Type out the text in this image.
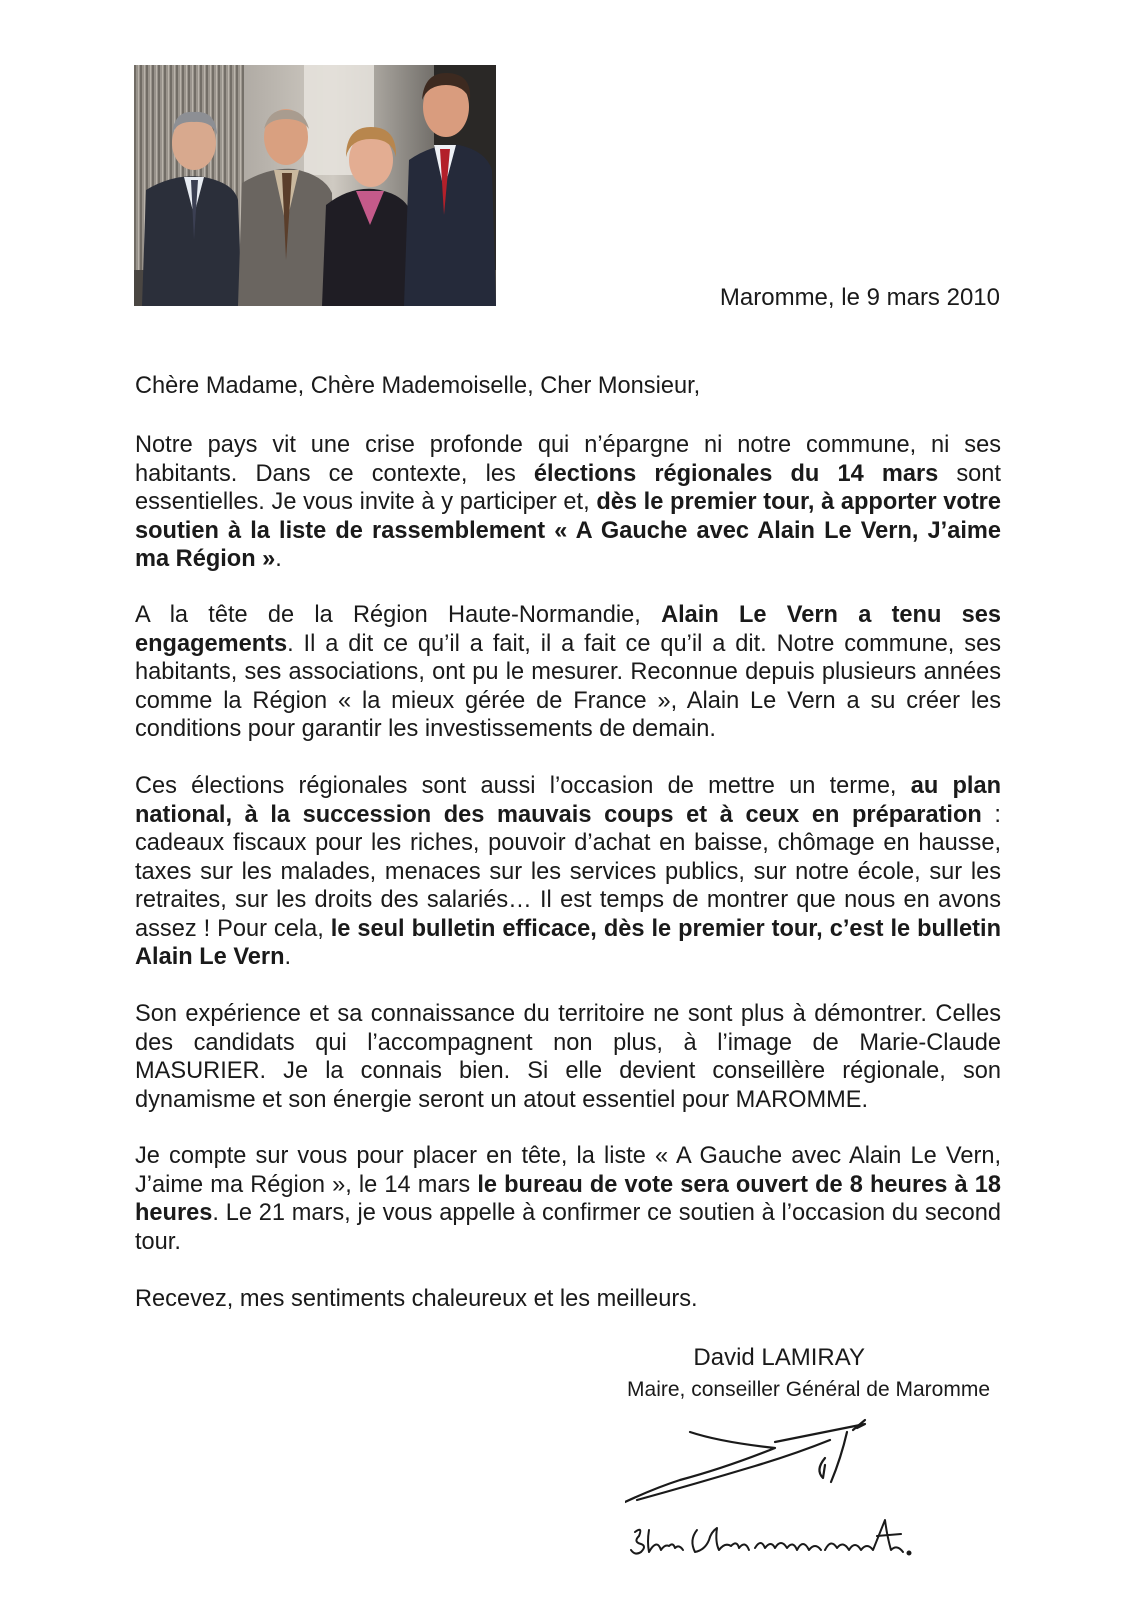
Maromme, le 9 mars 2010
Chère Madame, Chère Mademoiselle, Cher Monsieur,

Notre pays vit une crise profonde qui n’épargne ni notre commune, ni ses habitants. Dans ce contexte, les élections régionales du 14 mars sont essentielles. Je vous invite à y participer et, dès le premier tour, à apporter votre soutien à la liste de rassemblement « A Gauche avec Alain Le Vern, J’aime ma Région ».

A la tête de la Région Haute-Normandie, Alain Le Vern a tenu ses engagements. Il a dit ce qu’il a fait, il a fait ce qu’il a dit. Notre commune, ses habitants, ses associations, ont pu le mesurer. Reconnue depuis plusieurs années comme la Région « la mieux gérée de France », Alain Le Vern a su créer les conditions pour garantir les investissements de demain.

Ces élections régionales sont aussi l’occasion de mettre un terme, au plan national, à la succession des mauvais coups et à ceux en préparation : cadeaux fiscaux pour les riches, pouvoir d’achat en baisse, chômage en hausse, taxes sur les malades, menaces sur les services publics, sur notre école, sur les retraites, sur les droits des salariés… Il est temps de montrer que nous en avons assez ! Pour cela, le seul bulletin efficace, dès le premier tour, c’est le bulletin Alain Le Vern.

Son expérience et sa connaissance du territoire ne sont plus à démontrer. Celles des candidats qui l’accompagnent non plus, à l’image de Marie-Claude MASURIER. Je la connais bien. Si elle devient conseillère régionale, son dynamisme et son énergie seront un atout essentiel pour MAROMME.

Je compte sur vous pour placer en tête, la liste « A Gauche avec Alain Le Vern, J’aime ma Région », le 14 mars le bureau de vote sera ouvert de 8 heures à 18 heures. Le 21 mars, je vous appelle à confirmer ce soutien à l’occasion du second tour.

Recevez, mes sentiments chaleureux et les meilleurs.
David LAMIRAY
Maire, conseiller Général de Maromme
